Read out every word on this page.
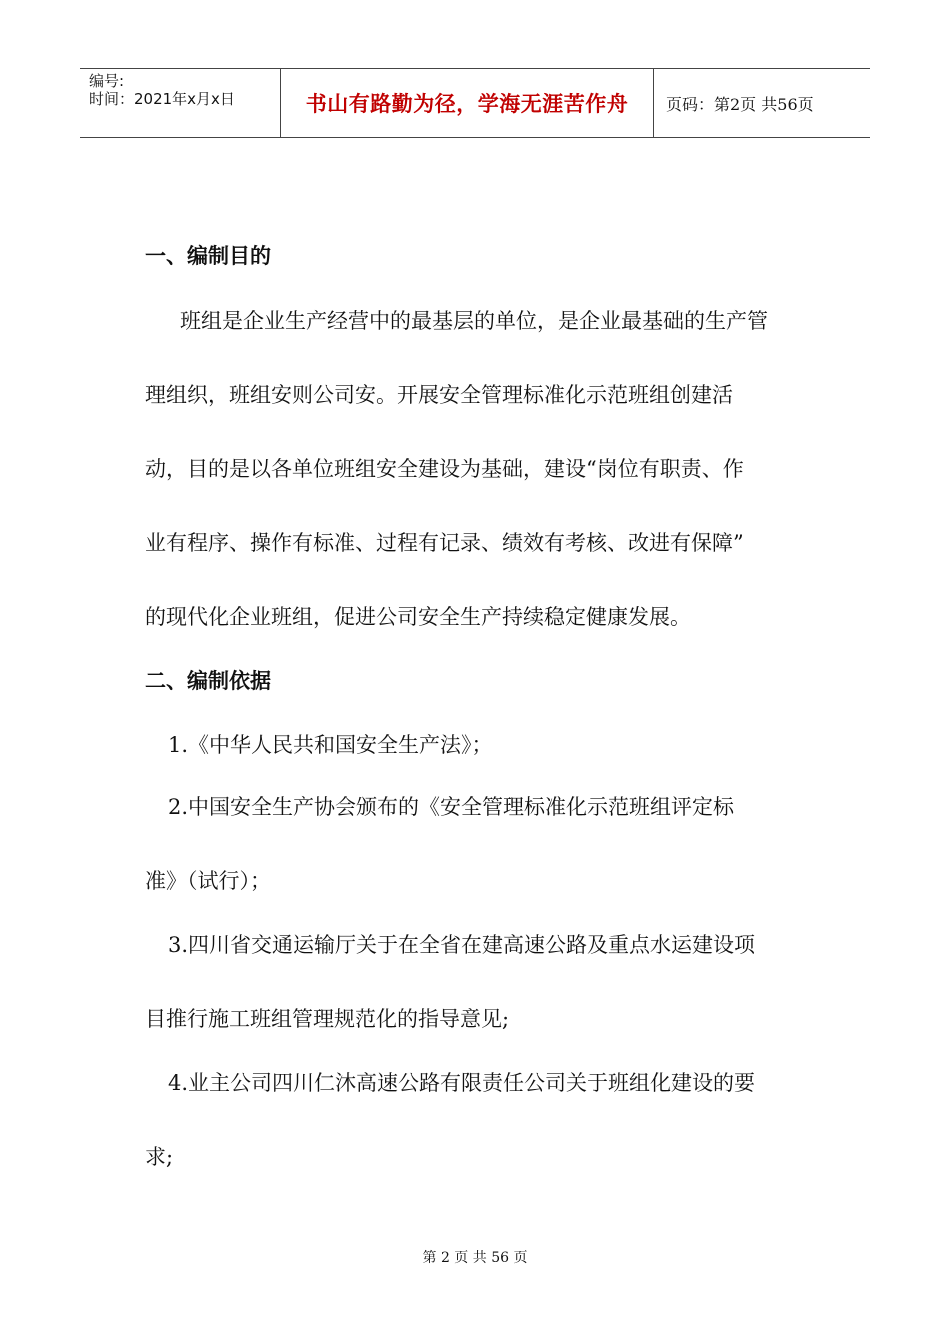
编号:
时间：2021年x月x日	书山有路勤为径，学海无涯苦作舟	页码：第2页 共56页
一、编制目的
班组是企业生产经营中的最基层的单位，是企业最基础的生产管
理组织，班组安则公司安。开展安全管理标准化示范班组创建活
动，目的是以各单位班组安全建设为基础，建设“岗位有职责、作
业有程序、操作有标准、过程有记录、绩效有考核、改进有保障”
的现代化企业班组，促进公司安全生产持续稳定健康发展。
二、编制依据
1.《中华人民共和国安全生产法》；
2.中国安全生产协会颁布的《安全管理标准化示范班组评定标
准》（试行）；
3.四川省交通运输厅关于在全省在建高速公路及重点水运建设项
目推行施工班组管理规范化的指导意见;
4.业主公司四川仁沐高速公路有限责任公司关于班组化建设的要
求;
第 2 页 共 56 页
